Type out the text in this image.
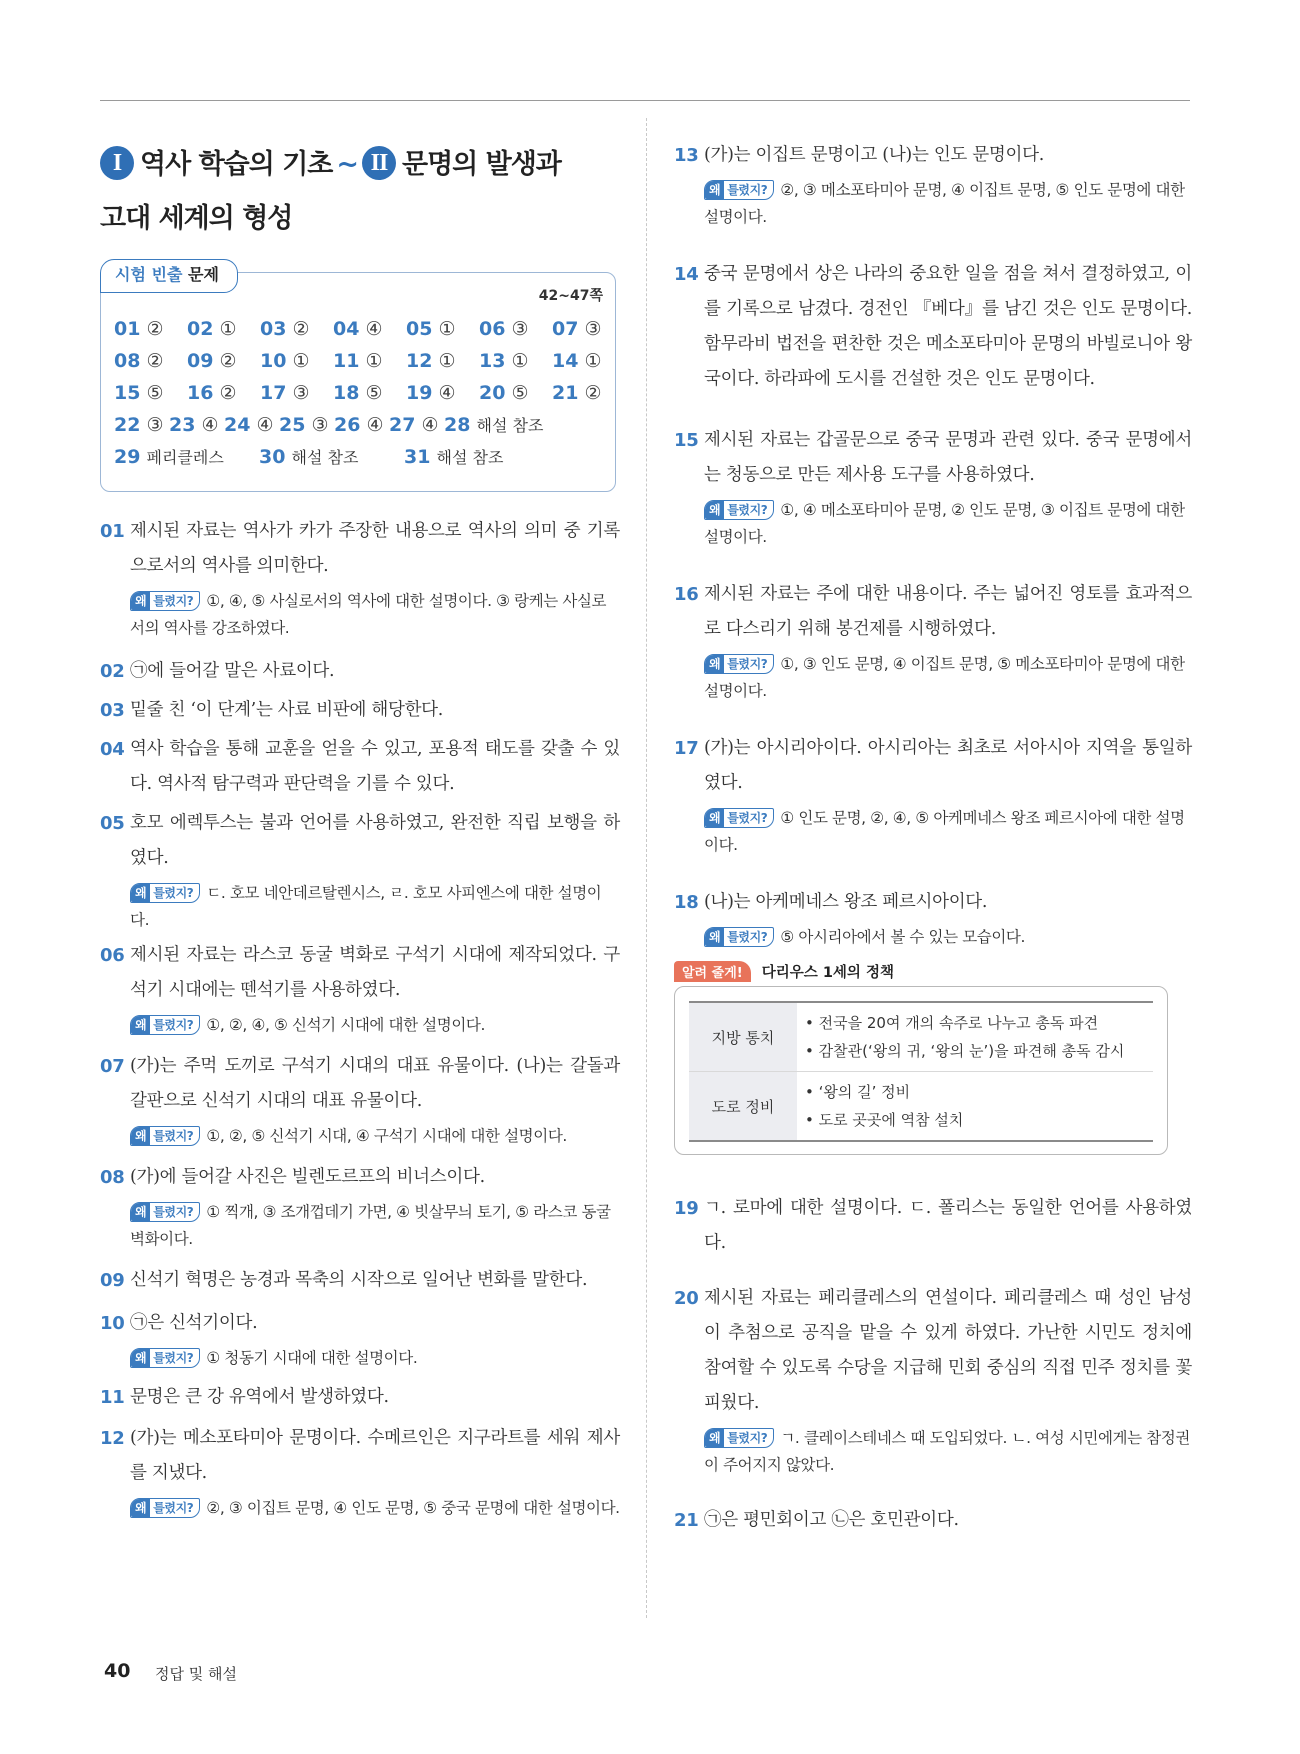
I 역사 학습의 기초 ~ II 문명의 발생과
고대 세계의 형성
시험 빈출 문제
42~47쪽
01 ② 02 ① 03 ② 04 ④ 05 ① 06 ③ 07 ③
08 ② 09 ② 10 ① 11 ① 12 ① 13 ① 14 ①
15 ⑤ 16 ② 17 ③ 18 ⑤ 19 ④ 20 ⑤ 21 ②
22 ③ 23 ④ 24 ④ 25 ③ 26 ④ 27 ④ 28 해설 참조
29 페리클레스 30 해설 참조 31 해설 참조
01 제시된 자료는 역사가 카가 주장한 내용으로 역사의 의미 중 기록으로서의 역사를 의미한다.
왜 틀렸지? ①, ④, ⑤ 사실로서의 역사에 대한 설명이다. ③ 랑케는 사실로서의 역사를 강조하였다.
02 ㉠에 들어갈 말은 사료이다.
03 밑줄 친 ‘이 단계’는 사료 비판에 해당한다.
04 역사 학습을 통해 교훈을 얻을 수 있고, 포용적 태도를 갖출 수 있다. 역사적 탐구력과 판단력을 기를 수 있다.
05 호모 에렉투스는 불과 언어를 사용하였고, 완전한 직립 보행을 하였다.
왜 틀렸지? ㄷ. 호모 네안데르탈렌시스, ㄹ. 호모 사피엔스에 대한 설명이다.
06 제시된 자료는 라스코 동굴 벽화로 구석기 시대에 제작되었다. 구석기 시대에는 뗀석기를 사용하였다.
왜 틀렸지? ①, ②, ④, ⑤ 신석기 시대에 대한 설명이다.
07 (가)는 주먹 도끼로 구석기 시대의 대표 유물이다. (나)는 갈돌과 갈판으로 신석기 시대의 대표 유물이다.
왜 틀렸지? ①, ②, ⑤ 신석기 시대, ④ 구석기 시대에 대한 설명이다.
08 (가)에 들어갈 사진은 빌렌도르프의 비너스이다.
왜 틀렸지? ① 찍개, ③ 조개껍데기 가면, ④ 빗살무늬 토기, ⑤ 라스코 동굴 벽화이다.
09 신석기 혁명은 농경과 목축의 시작으로 일어난 변화를 말한다.
10 ㉠은 신석기이다.
왜 틀렸지? ① 청동기 시대에 대한 설명이다.
11 문명은 큰 강 유역에서 발생하였다.
12 (가)는 메소포타미아 문명이다. 수메르인은 지구라트를 세워 제사를 지냈다.
왜 틀렸지? ②, ③ 이집트 문명, ④ 인도 문명, ⑤ 중국 문명에 대한 설명이다.
13 (가)는 이집트 문명이고 (나)는 인도 문명이다.
왜 틀렸지? ②, ③ 메소포타미아 문명, ④ 이집트 문명, ⑤ 인도 문명에 대한 설명이다.
14 중국 문명에서 상은 나라의 중요한 일을 점을 쳐서 결정하였고, 이를 기록으로 남겼다. 경전인 『베다』를 남긴 것은 인도 문명이다. 함무라비 법전을 편찬한 것은 메소포타미아 문명의 바빌로니아 왕국이다. 하라파에 도시를 건설한 것은 인도 문명이다.
15 제시된 자료는 갑골문으로 중국 문명과 관련 있다. 중국 문명에서는 청동으로 만든 제사용 도구를 사용하였다.
왜 틀렸지? ①, ④ 메소포타미아 문명, ② 인도 문명, ③ 이집트 문명에 대한 설명이다.
16 제시된 자료는 주에 대한 내용이다. 주는 넓어진 영토를 효과적으로 다스리기 위해 봉건제를 시행하였다.
왜 틀렸지? ①, ③ 인도 문명, ④ 이집트 문명, ⑤ 메소포타미아 문명에 대한 설명이다.
17 (가)는 아시리아이다. 아시리아는 최초로 서아시아 지역을 통일하였다.
왜 틀렸지? ① 인도 문명, ②, ④, ⑤ 아케메네스 왕조 페르시아에 대한 설명이다.
18 (나)는 아케메네스 왕조 페르시아이다.
왜 틀렸지? ⑤ 아시리아에서 볼 수 있는 모습이다.
알려 줄게! 다리우스 1세의 정책
지방 통치	• 전국을 20여 개의 속주로 나누고 총독 파견
• 감찰관(‘왕의 귀, ‘왕의 눈’)을 파견해 총독 감시

도로 정비	• ‘왕의 길’ 정비
• 도로 곳곳에 역참 설치
19 ㄱ. 로마에 대한 설명이다. ㄷ. 폴리스는 동일한 언어를 사용하였다.
20 제시된 자료는 페리클레스의 연설이다. 페리클레스 때 성인 남성이 추첨으로 공직을 맡을 수 있게 하였다. 가난한 시민도 정치에 참여할 수 있도록 수당을 지급해 민회 중심의 직접 민주 정치를 꽃피웠다.
왜 틀렸지? ㄱ. 클레이스테네스 때 도입되었다. ㄴ. 여성 시민에게는 참정권이 주어지지 않았다.
21 ㉠은 평민회이고 ㉡은 호민관이다.
40 정답 및 해설
